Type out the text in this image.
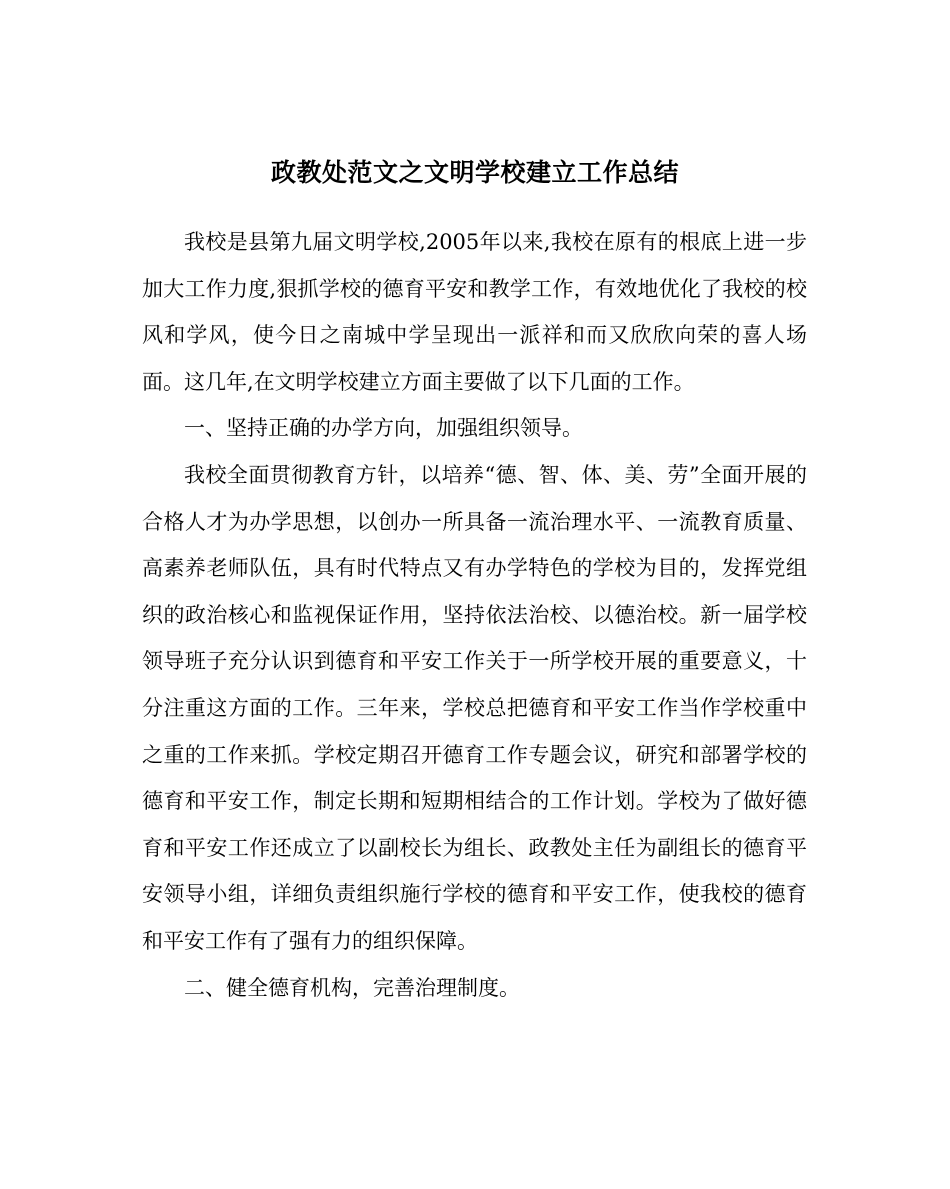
政教处范文之文明学校建立工作总结

我校是县第九届文明学校,2005年以来,我校在原有的根底上进一步加大工作力度,狠抓学校的德育平安和教学工作，有效地优化了我校的校风和学风，使今日之南城中学呈现出一派祥和而又欣欣向荣的喜人场面。这几年,在文明学校建立方面主要做了以下几面的工作。

一、坚持正确的办学方向，加强组织领导。

我校全面贯彻教育方针，以培养“德、智、体、美、劳”全面开展的合格人才为办学思想，以创办一所具备一流治理水平、一流教育质量、高素养老师队伍，具有时代特点又有办学特色的学校为目的，发挥党组织的政治核心和监视保证作用，坚持依法治校、以德治校。新一届学校领导班子充分认识到德育和平安工作关于一所学校开展的重要意义，十分注重这方面的工作。三年来，学校总把德育和平安工作当作学校重中之重的工作来抓。学校定期召开德育工作专题会议，研究和部署学校的德育和平安工作，制定长期和短期相结合的工作计划。学校为了做好德育和平安工作还成立了以副校长为组长、政教处主任为副组长的德育平安领导小组，详细负责组织施行学校的德育和平安工作，使我校的德育和平安工作有了强有力的组织保障。

二、健全德育机构，完善治理制度。
